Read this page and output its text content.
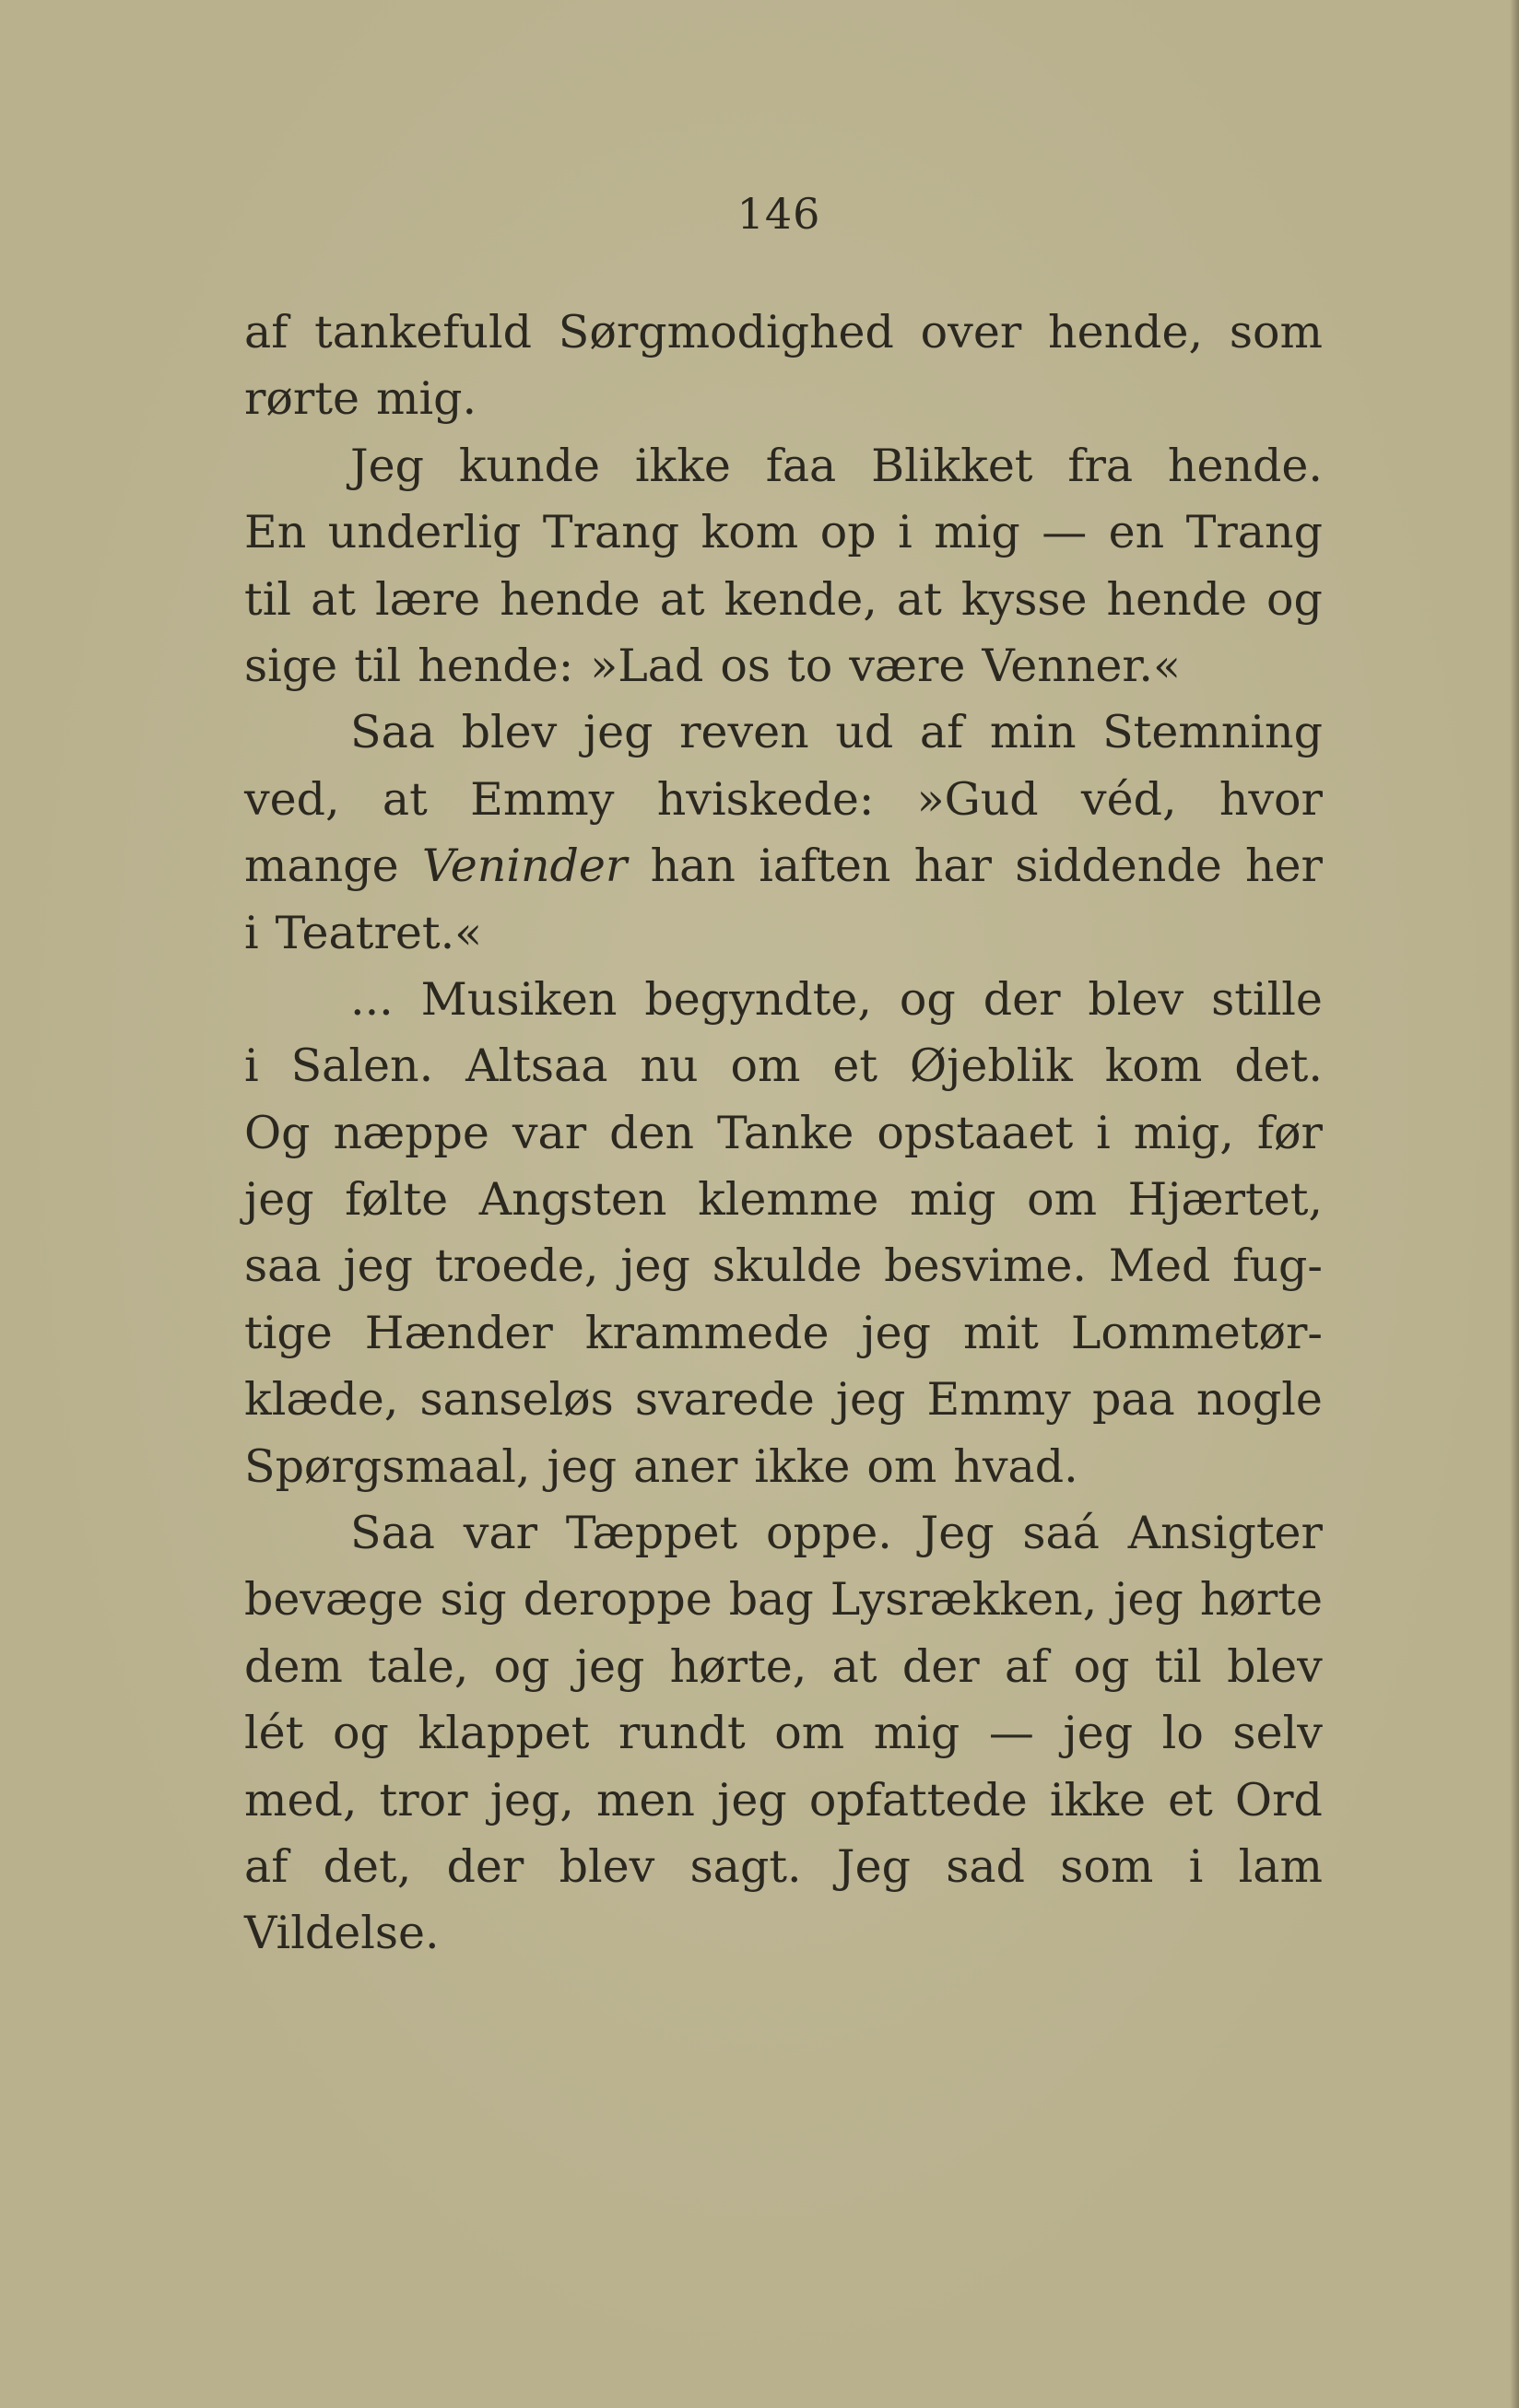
146
af tankefuld Sørgmodighed over hende, som
rørte mig.
Jeg kunde ikke faa Blikket fra hende.
En underlig Trang kom op i mig — en Trang
til at lære hende at kende, at kysse hende og
sige til hende: »Lad os to være Venner.«
Saa blev jeg reven ud af min Stemning
ved, at Emmy hviskede: »Gud véd, hvor
mange Veninder han iaften har siddende her
i Teatret.«
... Musiken begyndte, og der blev stille
i Salen. Altsaa nu om et Øjeblik kom det.
Og næppe var den Tanke opstaaet i mig, før
jeg følte Angsten klemme mig om Hjærtet,
saa jeg troede, jeg skulde besvime. Med fug-
tige Hænder krammede jeg mit Lommetør-
klæde, sanseløs svarede jeg Emmy paa nogle
Spørgsmaal, jeg aner ikke om hvad.
Saa var Tæppet oppe. Jeg saá Ansigter
bevæge sig deroppe bag Lysrækken, jeg hørte
dem tale, og jeg hørte, at der af og til blev
lét og klappet rundt om mig — jeg lo selv
med, tror jeg, men jeg opfattede ikke et Ord
af det, der blev sagt. Jeg sad som i lam
Vildelse.
